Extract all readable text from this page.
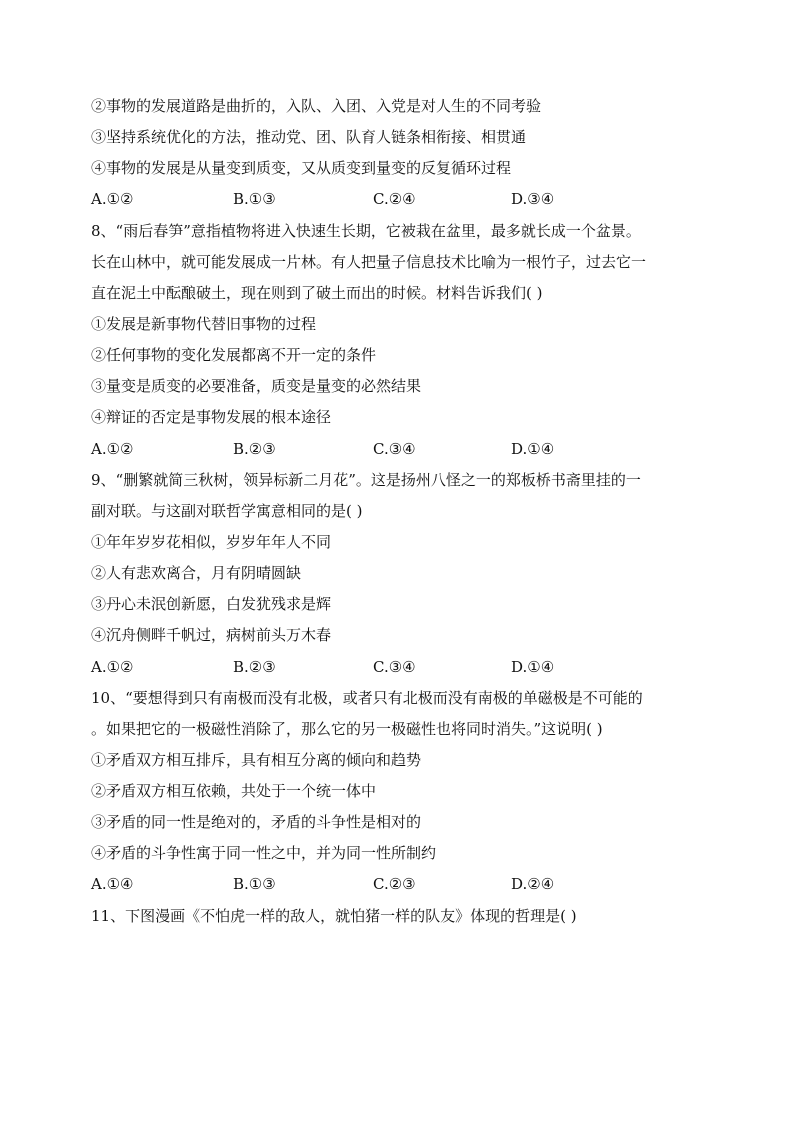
②事物的发展道路是曲折的，入队、入团、入党是对人生的不同考验
③坚持系统优化的方法，推动党、团、队育人链条相衔接、相贯通
④事物的发展是从量变到质变，又从质变到量变的反复循环过程
A.①②	B.①③	C.②④	D.③④
8、“雨后春笋”意指植物将进入快速生长期，它被栽在盆里，最多就长成一个盆景。
长在山林中，就可能发展成一片林。有人把量子信息技术比喻为一根竹子，过去它一
直在泥土中酝酿破土，现在则到了破土而出的时候。材料告诉我们( )
①发展是新事物代替旧事物的过程
②任何事物的变化发展都离不开一定的条件
③量变是质变的必要准备，质变是量变的必然结果
④辩证的否定是事物发展的根本途径
A.①②	B.②③	C.③④	D.①④
9、“删繁就简三秋树，领异标新二月花”。这是扬州八怪之一的郑板桥书斋里挂的一
副对联。与这副对联哲学寓意相同的是( )
①年年岁岁花相似，岁岁年年人不同
②人有悲欢离合，月有阴晴圆缺
③丹心未泯创新愿，白发犹残求是辉
④沉舟侧畔千帆过，病树前头万木春
A.①②	B.②③	C.③④	D.①④
10、“要想得到只有南极而没有北极，或者只有北极而没有南极的单磁极是不可能的
。如果把它的一极磁性消除了，那么它的另一极磁性也将同时消失。”这说明( )
①矛盾双方相互排斥，具有相互分离的倾向和趋势
②矛盾双方相互依赖，共处于一个统一体中
③矛盾的同一性是绝对的，矛盾的斗争性是相对的
④矛盾的斗争性寓于同一性之中，并为同一性所制约
A.①④	B.①③	C.②③	D.②④
11、下图漫画《不怕虎一样的敌人，就怕猪一样的队友》体现的哲理是( )
